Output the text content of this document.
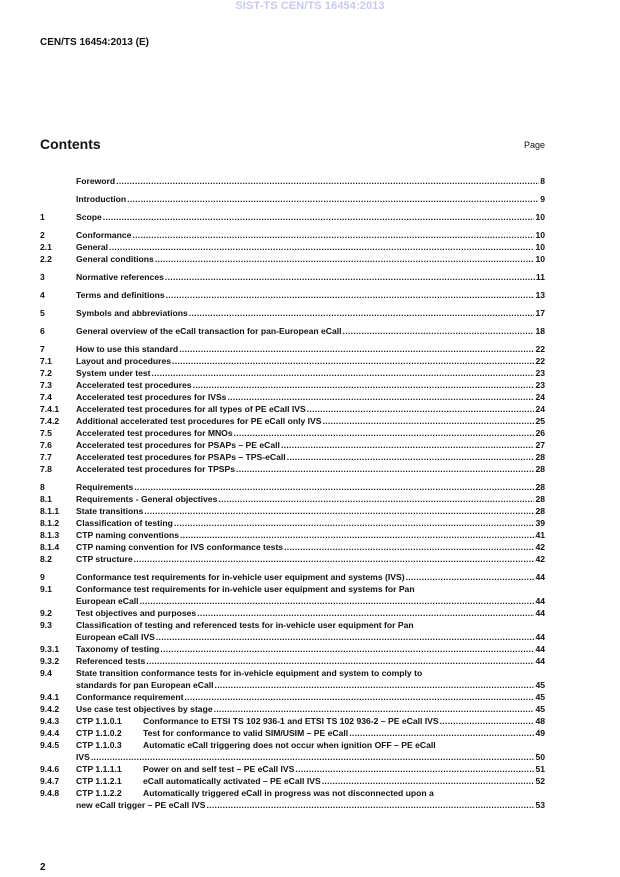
SIST-TS CEN/TS 16454:2013
CEN/TS 16454:2013 (E)
Contents	Page
Foreword .....	8
Introduction .....	9
1	Scope .....	10
2	Conformance .....	10
2.1	General .....	10
2.2	General conditions .....	10
3	Normative references .....	11
4	Terms and definitions .....	13
5	Symbols and abbreviations .....	17
6	General overview of the eCall transaction for pan-European eCall .....	18
7	How to use this standard .....	22
7.1	Layout and procedures .....	22
7.2	System under test .....	23
7.3	Accelerated test procedures .....	23
7.4	Accelerated test procedures for IVSs .....	24
7.4.1	Accelerated test procedures for all types of PE eCall IVS .....	24
7.4.2	Additional accelerated test procedures for PE eCall only IVS .....	25
7.5	Accelerated test procedures for MNOs .....	26
7.6	Accelerated test procedures for PSAPs – PE eCall .....	27
7.7	Accelerated test procedures for PSAPs – TPS-eCall .....	28
7.8	Accelerated test procedures for TPSPs .....	28
8	Requirements .....	28
8.1	Requirements - General objectives .....	28
8.1.1	State transitions .....	28
8.1.2	Classification of testing .....	39
8.1.3	CTP naming conventions .....	41
8.1.4	CTP naming convention for IVS conformance tests .....	42
8.2	CTP structure .....	42
9	Conformance test requirements for in-vehicle user equipment and systems (IVS) .....	44
9.1	Conformance test requirements for in-vehicle user equipment and systems for Pan
European eCall .....	44
9.2	Test objectives and purposes .....	44
9.3	Classification of testing and referenced tests for in-vehicle user equipment for Pan
European eCall IVS .....	44
9.3.1	Taxonomy of testing .....	44
9.3.2	Referenced tests .....	44
9.4	State transition conformance tests for in-vehicle equipment and system to comply to
standards for pan European eCall .....	45
9.4.1	Conformance requirement .....	45
9.4.2	Use case test objectives by stage .....	45
9.4.3	CTP 1.1.0.1	Conformance to ETSI TS 102 936-1 and ETSI TS 102 936-2 – PE eCall IVS .....	48
9.4.4	CTP 1.1.0.2	Test for conformance to valid SIM/USIM – PE eCall .....	49
9.4.5	CTP 1.1.0.3	Automatic eCall triggering does not occur when ignition OFF – PE eCall
IVS .....	50
9.4.6	CTP 1.1.1.1	Power on and self test – PE eCall IVS .....	51
9.4.7	CTP 1.1.2.1	eCall automatically activated – PE eCall IVS .....	52
9.4.8	CTP 1.1.2.2	Automatically triggered eCall in progress was not disconnected upon a
new eCall trigger – PE eCall IVS .....	53
2
